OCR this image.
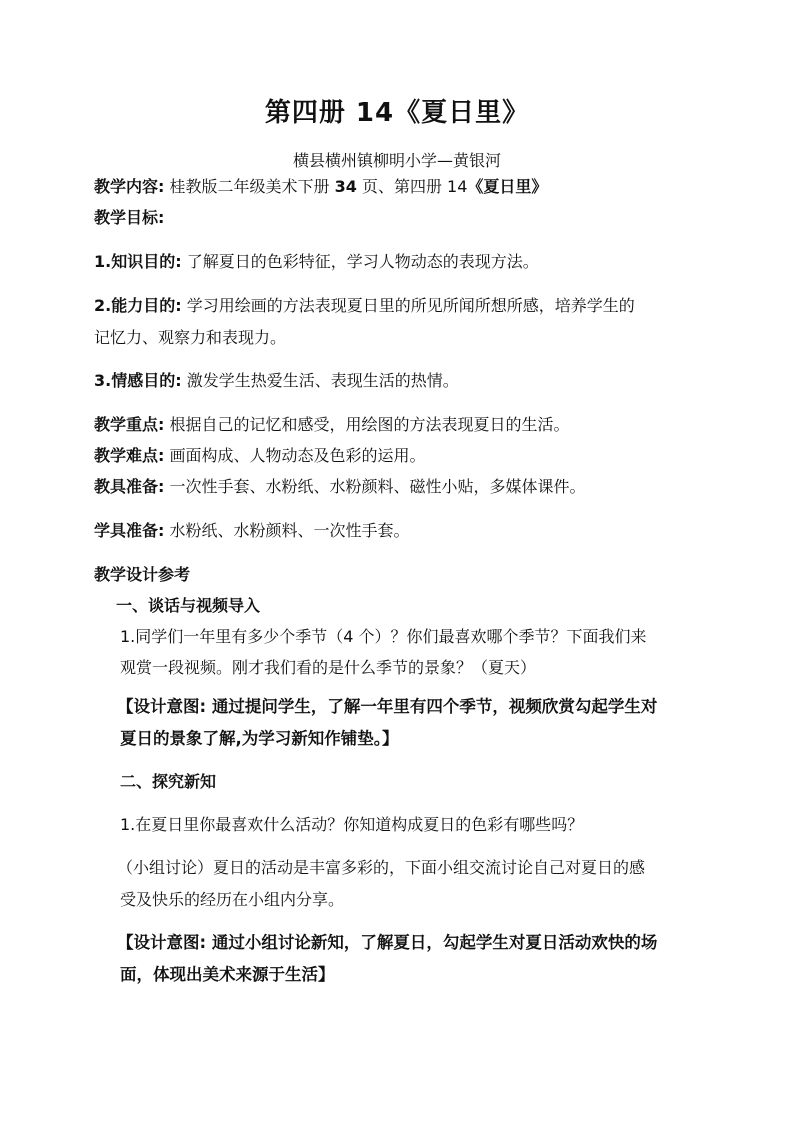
第四册 14《夏日里》

横县横州镇柳明小学—黄银河

教学内容: 桂教版二年级美术下册 34 页、第四册 14《夏日里》

教学目标:

1.知识目的: 了解夏日的色彩特征，学习人物动态的表现方法。

2.能力目的: 学习用绘画的方法表现夏日里的所见所闻所想所感，培养学生的

记忆力、观察力和表现力。

3.情感目的: 激发学生热爱生活、表现生活的热情。

教学重点: 根据自己的记忆和感受，用绘图的方法表现夏日的生活。

教学难点: 画面构成、人物动态及色彩的运用。

教具准备: 一次性手套、水粉纸、水粉颜料、磁性小贴，多媒体课件。

学具准备: 水粉纸、水粉颜料、一次性手套。

教学设计参考

一、谈话与视频导入

1.同学们一年里有多少个季节（4 个）？你们最喜欢哪个季节？下面我们来

观赏一段视频。刚才我们看的是什么季节的景象？（夏天）

【设计意图: 通过提问学生，了解一年里有四个季节，视频欣赏勾起学生对

夏日的景象了解,为学习新知作铺垫。】

二、探究新知

1.在夏日里你最喜欢什么活动？你知道构成夏日的色彩有哪些吗？

（小组讨论）夏日的活动是丰富多彩的，下面小组交流讨论自己对夏日的感

受及快乐的经历在小组内分享。

【设计意图: 通过小组讨论新知，了解夏日，勾起学生对夏日活动欢快的场

面，体现出美术来源于生活】
